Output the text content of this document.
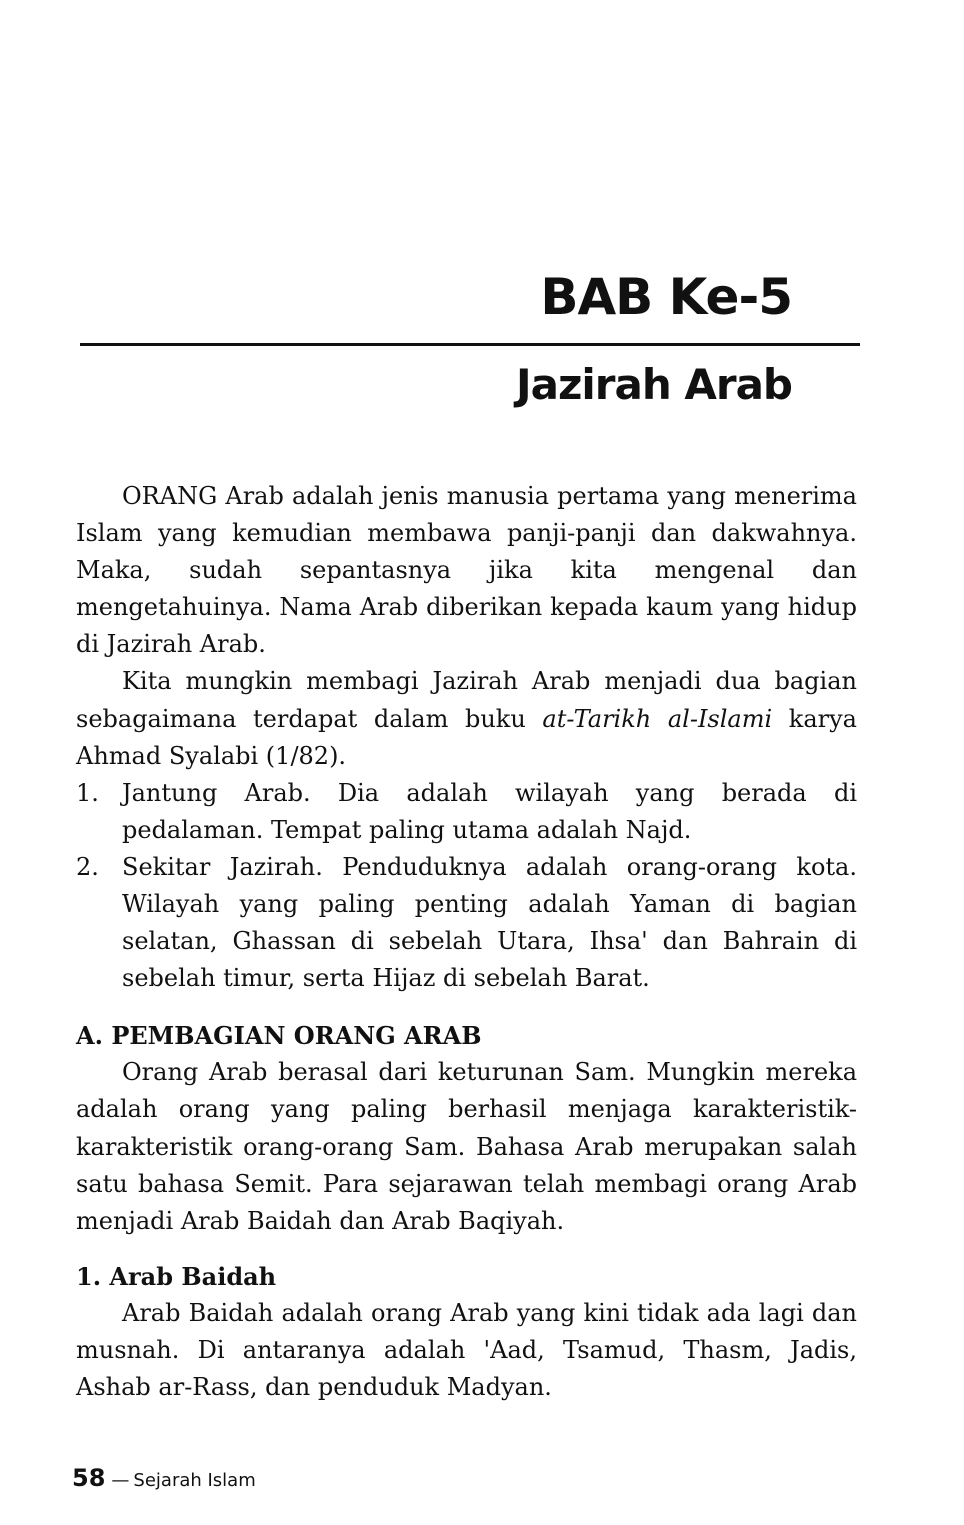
BAB Ke-5
Jazirah Arab

ORANG Arab adalah jenis manusia pertama yang menerima Islam yang kemudian membawa panji-panji dan dakwahnya. Maka, sudah sepantasnya jika kita mengenal dan mengetahuinya. Nama Arab diberikan kepada kaum yang hidup di Jazirah Arab.

Kita mungkin membagi Jazirah Arab menjadi dua bagian sebagaimana terdapat dalam buku at-Tarikh al-Islami karya Ahmad Syalabi (1/82).

1. Jantung Arab. Dia adalah wilayah yang berada di pedalaman. Tempat paling utama adalah Najd.
2. Sekitar Jazirah. Penduduknya adalah orang-orang kota. Wilayah yang paling penting adalah Yaman di bagian selatan, Ghassan di sebelah Utara, Ihsa' dan Bahrain di sebelah timur, serta Hijaz di sebelah Barat.
A. PEMBAGIAN ORANG ARAB

Orang Arab berasal dari keturunan Sam. Mungkin mereka adalah orang yang paling berhasil menjaga karakteristik-karakteristik orang-orang Sam. Bahasa Arab merupakan salah satu bahasa Semit. Para sejarawan telah membagi orang Arab menjadi Arab Baidah dan Arab Baqiyah.

1. Arab Baidah

Arab Baidah adalah orang Arab yang kini tidak ada lagi dan musnah. Di antaranya adalah 'Aad, Tsamud, Thasm, Jadis, Ashab ar-Rass, dan penduduk Madyan.

58 — Sejarah Islam
